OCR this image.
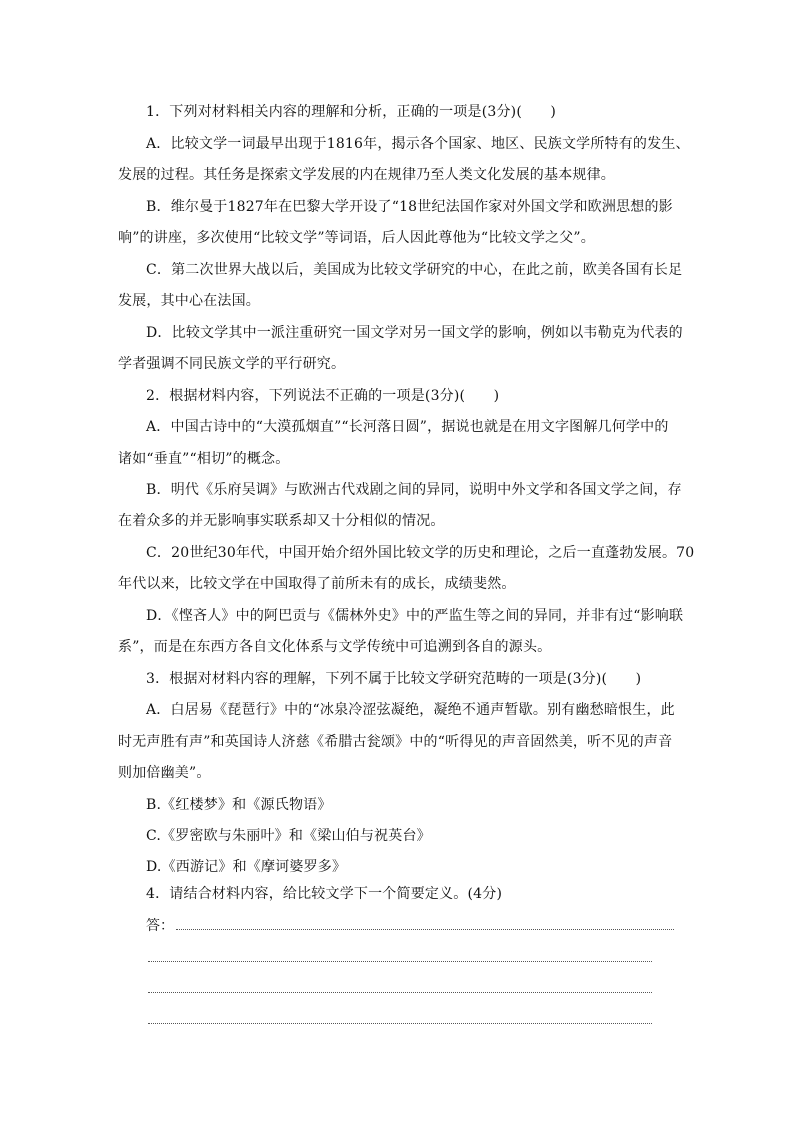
1．下列对材料相关内容的理解和分析，正确的一项是(3分)(　　)
A．比较文学一词最早出现于1816年，揭示各个国家、地区、民族文学所特有的发生、
发展的过程。其任务是探索文学发展的内在规律乃至人类文化发展的基本规律。
B．维尔曼于1827年在巴黎大学开设了“18世纪法国作家对外国文学和欧洲思想的影
响”的讲座，多次使用“比较文学”等词语，后人因此尊他为“比较文学之父”。
C．第二次世界大战以后，美国成为比较文学研究的中心，在此之前，欧美各国有长足
发展，其中心在法国。
D．比较文学其中一派注重研究一国文学对另一国文学的影响，例如以韦勒克为代表的
学者强调不同民族文学的平行研究。
2．根据材料内容，下列说法不正确的一项是(3分)(　　)
A．中国古诗中的“大漠孤烟直”“长河落日圆”，据说也就是在用文字图解几何学中的
诸如“垂直”“相切”的概念。
B．明代《乐府吴调》与欧洲古代戏剧之间的异同，说明中外文学和各国文学之间，存
在着众多的并无影响事实联系却又十分相似的情况。
C．20世纪30年代，中国开始介绍外国比较文学的历史和理论，之后一直蓬勃发展。70
年代以来，比较文学在中国取得了前所未有的成长，成绩斐然。
D．《悭吝人》中的阿巴贡与《儒林外史》中的严监生等之间的异同，并非有过“影响联
系”，而是在东西方各自文化体系与文学传统中可追溯到各自的源头。
3．根据对材料内容的理解，下列不属于比较文学研究范畴的一项是(3分)(　　)
A．白居易《琵琶行》中的“冰泉冷涩弦凝绝，凝绝不通声暂歇。别有幽愁暗恨生，此
时无声胜有声”和英国诗人济慈《希腊古瓮颂》中的“听得见的声音固然美，听不见的声音
则加倍幽美”。
B.《红楼梦》和《源氏物语》
C.《罗密欧与朱丽叶》和《梁山伯与祝英台》
D.《西游记》和《摩诃婆罗多》
4．请结合材料内容，给比较文学下一个简要定义。(4分)
答：
